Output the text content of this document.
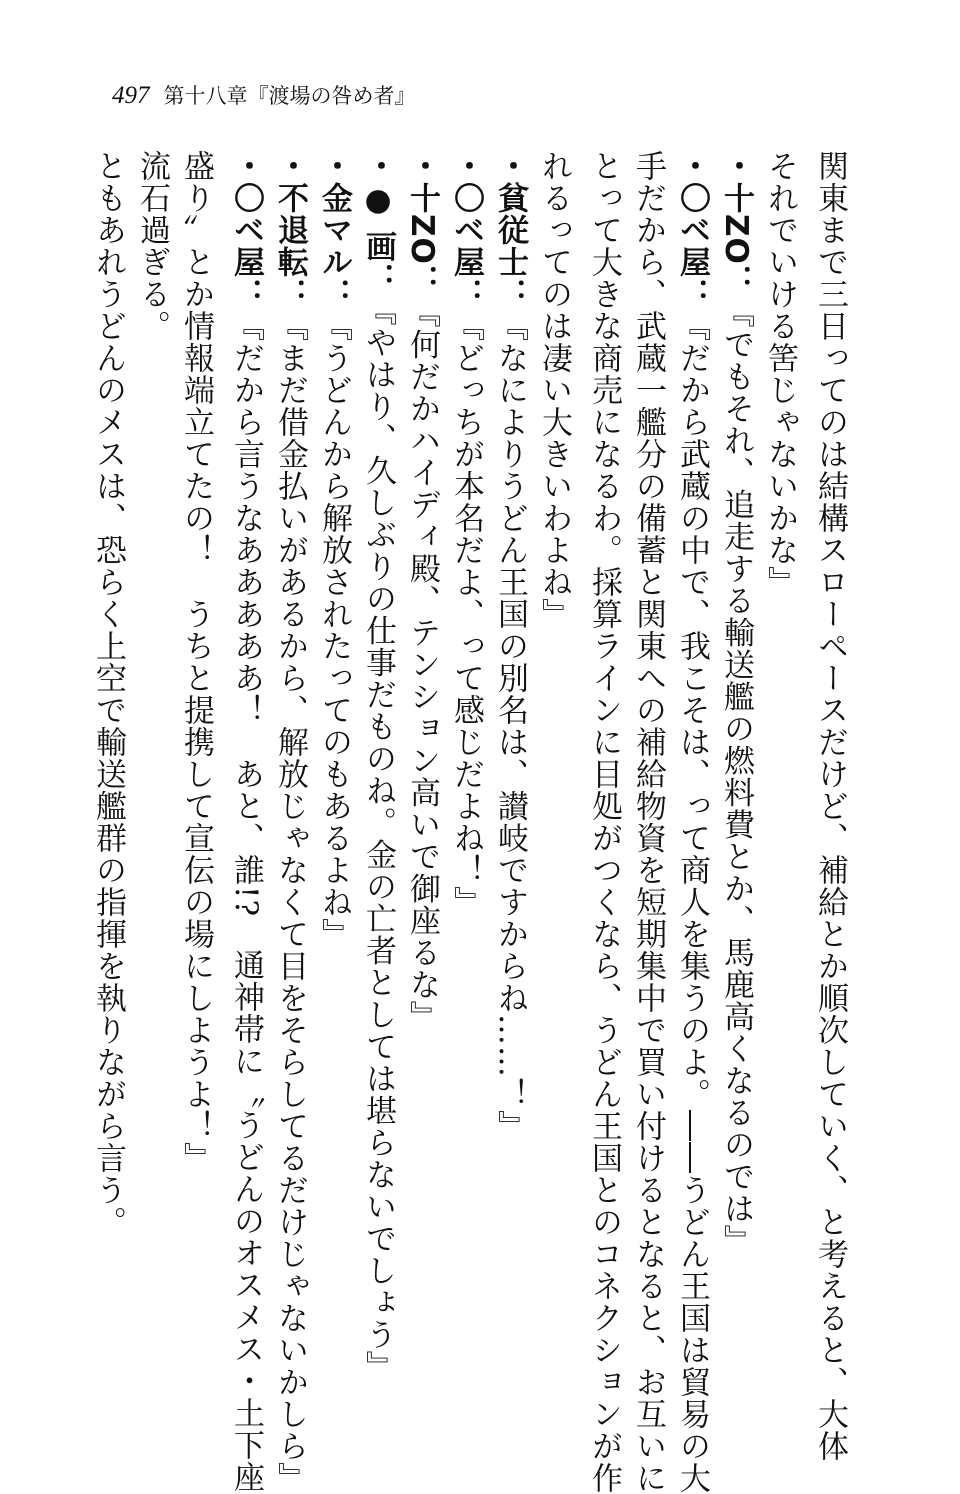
497 第十八章『渡場の咎め者』
関東まで三日ってのは結構スローペースだけど、補給とか順次していく、と考えると、大体
それでいける筈じゃないかな』
・十ZO：『でもそれ、追走する輸送艦の燃料費とか、馬鹿高くなるのでは』
・〇ベ屋：『だから武蔵の中で、我こそは、って商人を集うのよ。――うどん王国は貿易の大
手だから、武蔵一艦分の備蓄と関東への補給物資を短期集中で買い付けるとなると、お互いに
とって大きな商売になるわ。採算ラインに目処がつくなら、うどん王国とのコネクションが作
れるってのは凄い大きいわよね』
・貧従士：『なによりうどん王国の別名は、讃岐ですからね……！』
・〇ベ屋：『どっちが本名だよ、って感じだよね！』
・十ZO：『何だかハイディ殿、テンション高いで御座るな』
・● 画：『やはり、久しぶりの仕事だものね。金の亡者としては堪らないでしょう』
・金マル：『うどんから解放されたってのもあるよね』
・不退転：『まだ借金払いがあるから、解放じゃなくて目をそらしてるだけじゃないかしら』
・〇ベ屋：『だから言うなあああああ！　あと、誰!?　通神帯に〝うどんのオスメス・土下座
盛り〟とか情報端立てたの！　うちと提携して宣伝の場にしようよ！』
流石過ぎる。
ともあれうどんのメスは、恐らく上空で輸送艦群の指揮を執りながら言う。
